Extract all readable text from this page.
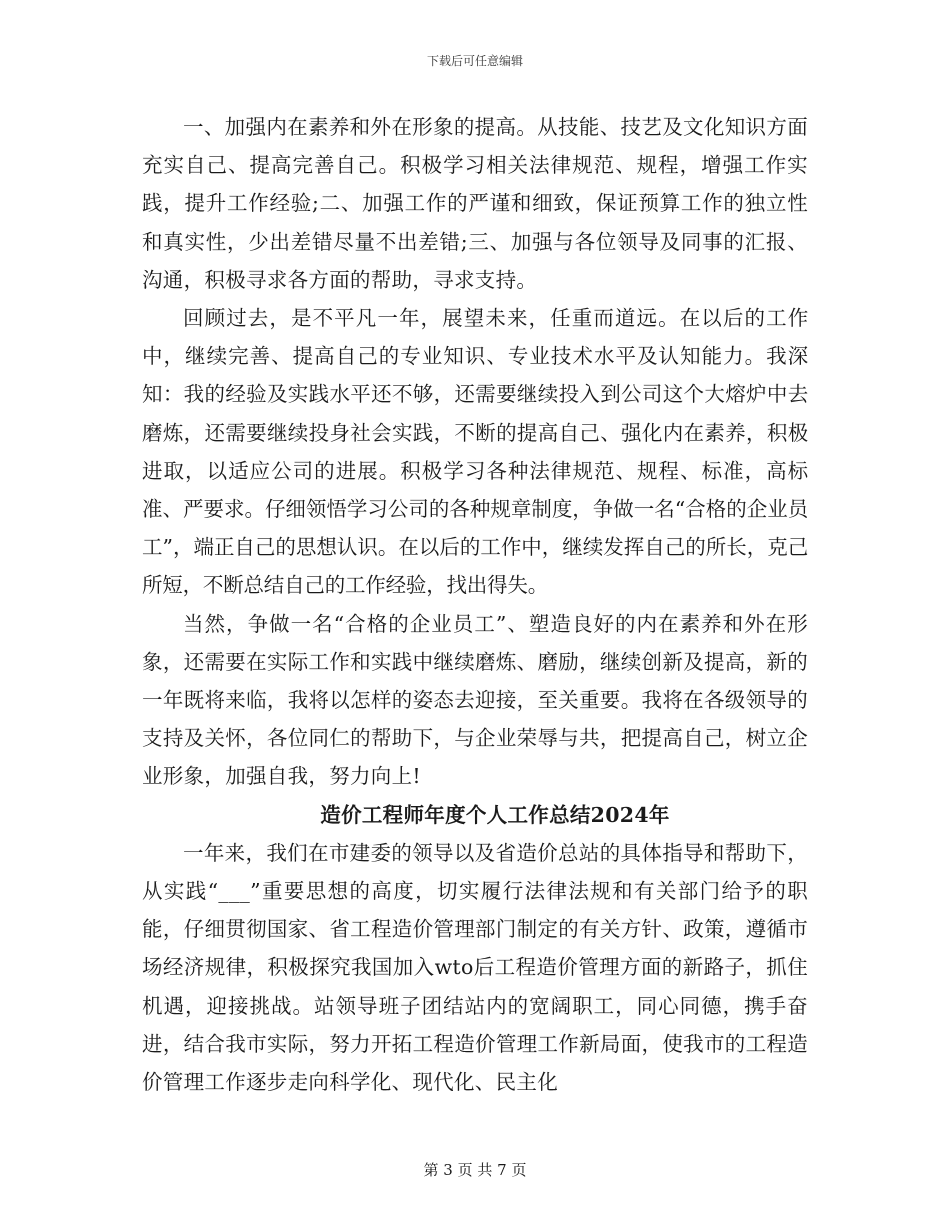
下载后可任意编辑

一、加强内在素养和外在形象的提高。从技能、技艺及文化知识方面充实自己、提高完善自己。积极学习相关法律规范、规程，增强工作实践，提升工作经验;二、加强工作的严谨和细致，保证预算工作的独立性和真实性，少出差错尽量不出差错;三、加强与各位领导及同事的汇报、沟通，积极寻求各方面的帮助，寻求支持。

回顾过去，是不平凡一年，展望未来，任重而道远。在以后的工作中，继续完善、提高自己的专业知识、专业技术水平及认知能力。我深知：我的经验及实践水平还不够，还需要继续投入到公司这个大熔炉中去磨炼，还需要继续投身社会实践，不断的提高自己、强化内在素养，积极进取，以适应公司的进展。积极学习各种法律规范、规程、标准，高标准、严要求。仔细领悟学习公司的各种规章制度，争做一名“合格的企业员工”，端正自己的思想认识。在以后的工作中，继续发挥自己的所长，克己所短，不断总结自己的工作经验，找出得失。

当然，争做一名“合格的企业员工”、塑造良好的内在素养和外在形象，还需要在实际工作和实践中继续磨炼、磨励，继续创新及提高，新的一年既将来临，我将以怎样的姿态去迎接，至关重要。我将在各级领导的支持及关怀，各位同仁的帮助下，与企业荣辱与共，把提高自己，树立企业形象，加强自我，努力向上!

造价工程师年度个人工作总结2024年

一年来，我们在市建委的领导以及省造价总站的具体指导和帮助下，从实践“___”重要思想的高度，切实履行法律法规和有关部门给予的职能，仔细贯彻国家、省工程造价管理部门制定的有关方针、政策，遵循市场经济规律，积极探究我国加入wto后工程造价管理方面的新路子，抓住机遇，迎接挑战。站领导班子团结站内的宽阔职工，同心同德，携手奋进，结合我市实际，努力开拓工程造价管理工作新局面，使我市的工程造价管理工作逐步走向科学化、现代化、民主化

第 3 页 共 7 页
